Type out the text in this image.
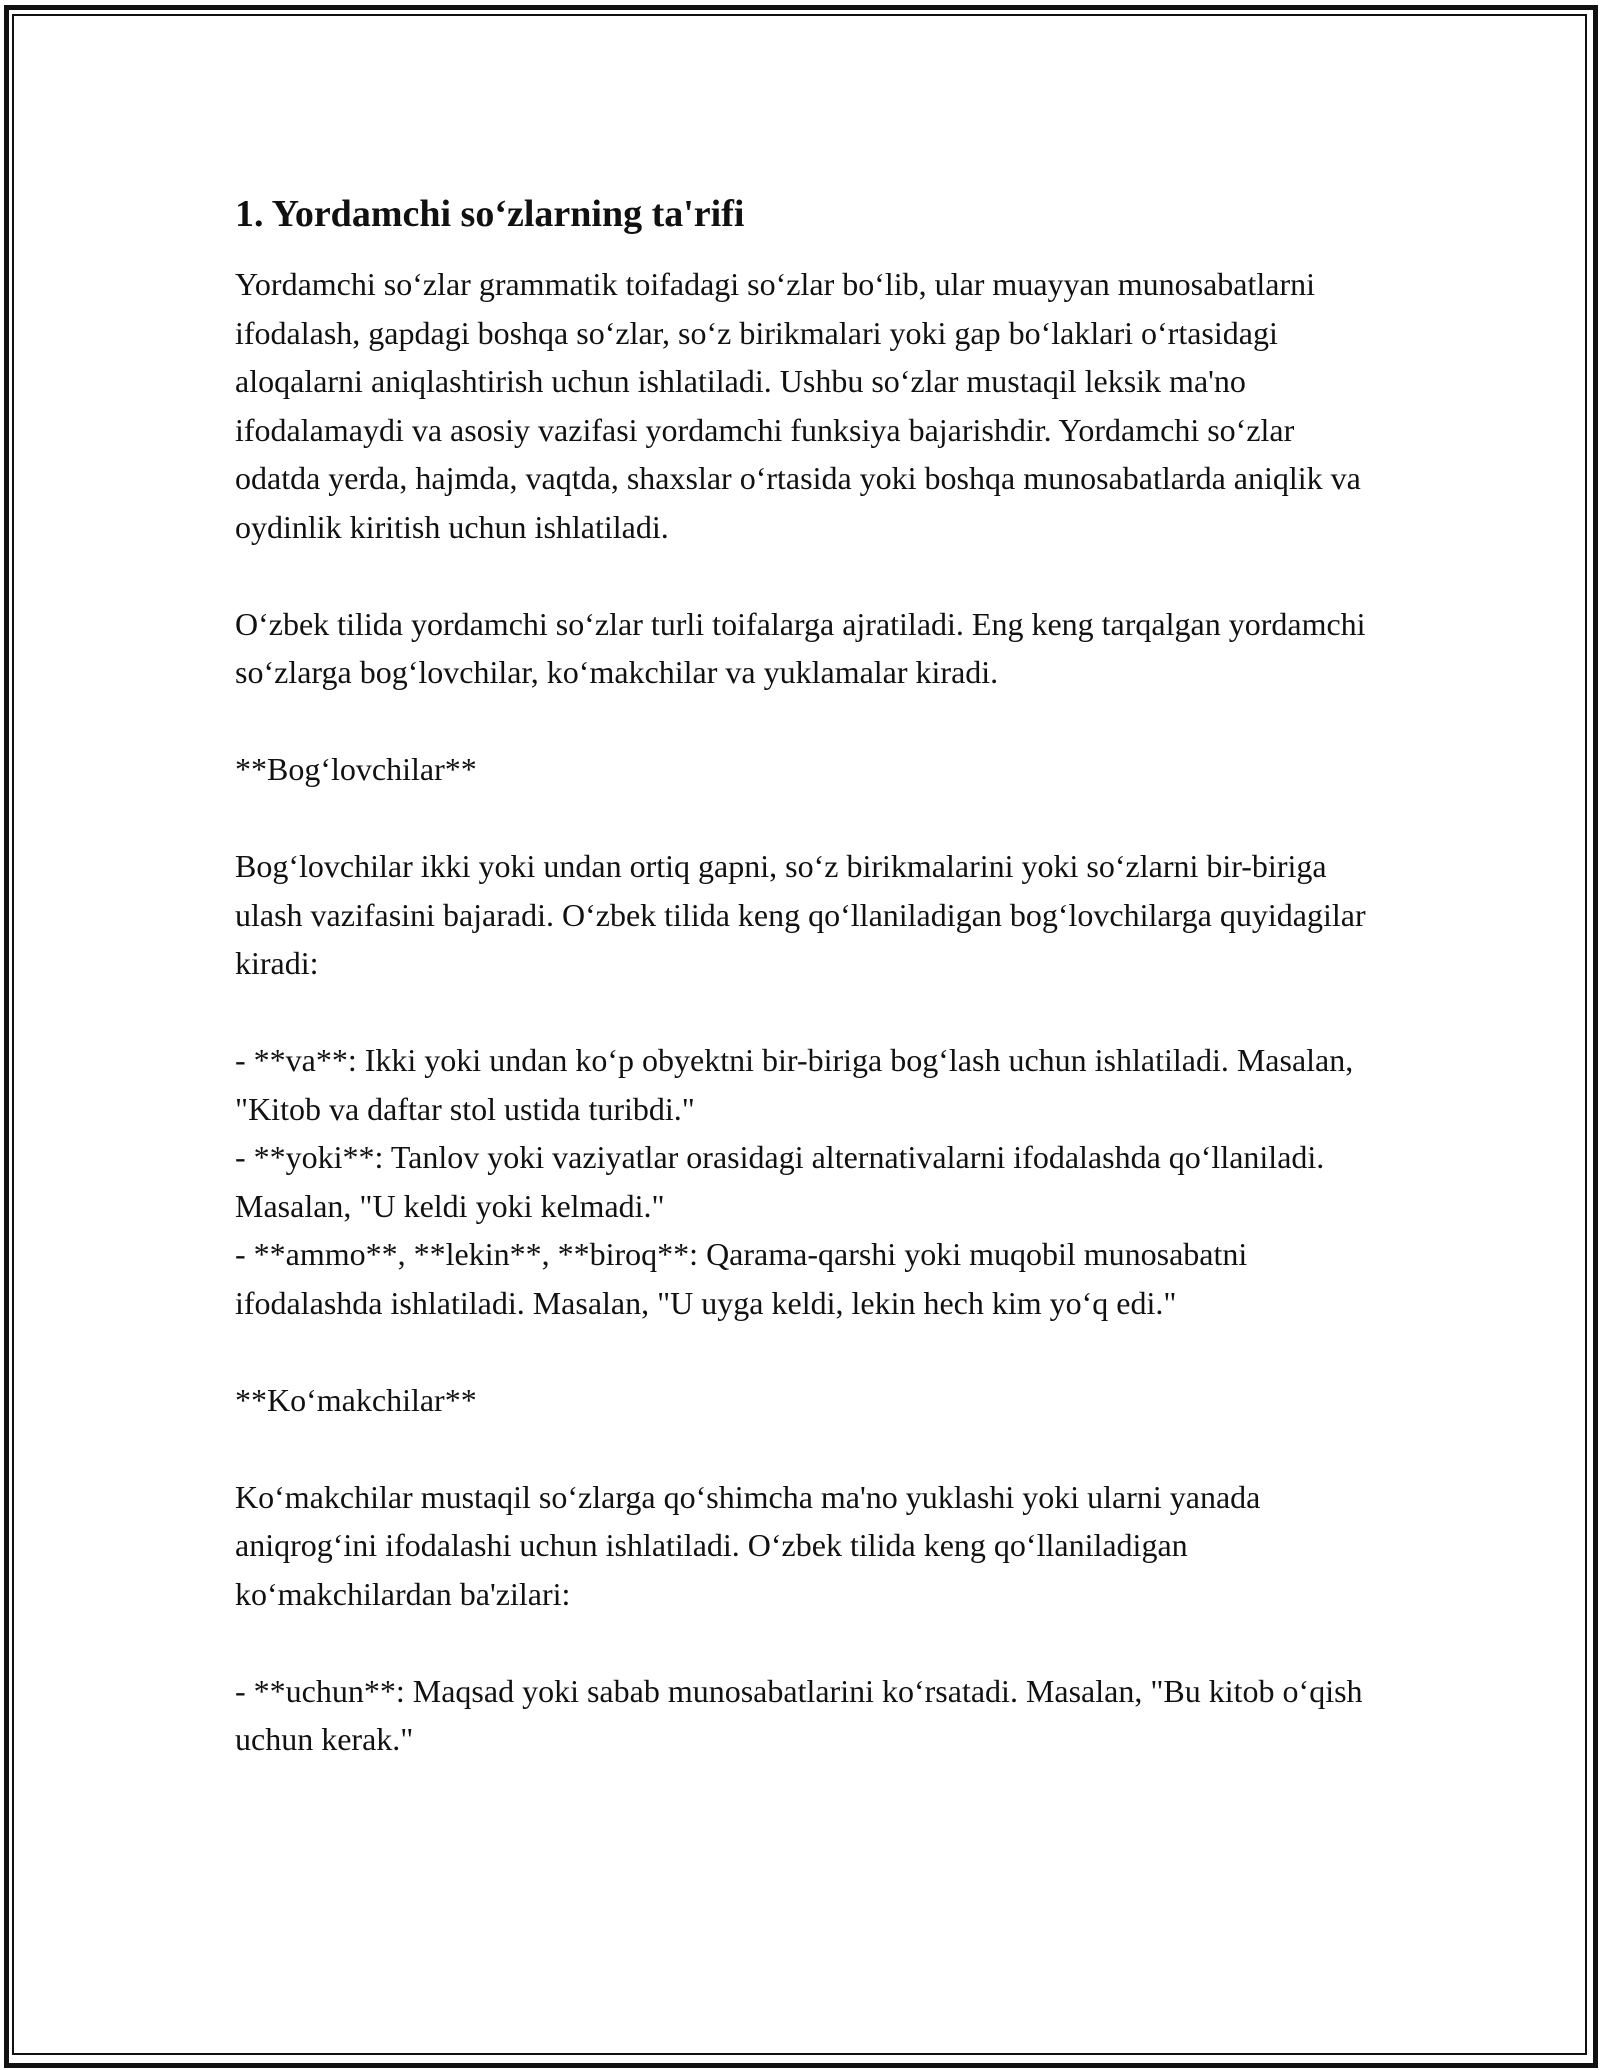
1. Yordamchi so‘zlarning ta'rifi

Yordamchi so‘zlar grammatik toifadagi so‘zlar bo‘lib, ular muayyan munosabatlarni ifodalash, gapdagi boshqa so‘zlar, so‘z birikmalari yoki gap bo‘laklari o‘rtasidagi aloqalarni aniqlashtirish uchun ishlatiladi. Ushbu so‘zlar mustaqil leksik ma'no ifodalamaydi va asosiy vazifasi yordamchi funksiya bajarishdir. Yordamchi so‘zlar odatda yerda, hajmda, vaqtda, shaxslar o‘rtasida yoki boshqa munosabatlarda aniqlik va oydinlik kiritish uchun ishlatiladi.

O‘zbek tilida yordamchi so‘zlar turli toifalarga ajratiladi. Eng keng tarqalgan yordamchi so‘zlarga bog‘lovchilar, ko‘makchilar va yuklamalar kiradi.

**Bog‘lovchilar**

Bog‘lovchilar ikki yoki undan ortiq gapni, so‘z birikmalarini yoki so‘zlarni bir-biriga ulash vazifasini bajaradi. O‘zbek tilida keng qo‘llaniladigan bog‘lovchilarga quyidagilar kiradi:

- **va**: Ikki yoki undan ko‘p obyektni bir-biriga bog‘lash uchun ishlatiladi. Masalan, "Kitob va daftar stol ustida turibdi."
- **yoki**: Tanlov yoki vaziyatlar orasidagi alternativalarni ifodalashda qo‘llaniladi. Masalan, "U keldi yoki kelmadi."
- **ammo**, **lekin**, **biroq**: Qarama-qarshi yoki muqobil munosabatni ifodalashda ishlatiladi. Masalan, "U uyga keldi, lekin hech kim yo‘q edi."

**Ko‘makchilar**

Ko‘makchilar mustaqil so‘zlarga qo‘shimcha ma'no yuklashi yoki ularni yanada aniqrog‘ini ifodalashi uchun ishlatiladi. O‘zbek tilida keng qo‘llaniladigan ko‘makchilardan ba'zilari:

- **uchun**: Maqsad yoki sabab munosabatlarini ko‘rsatadi. Masalan, "Bu kitob o‘qish uchun kerak."
